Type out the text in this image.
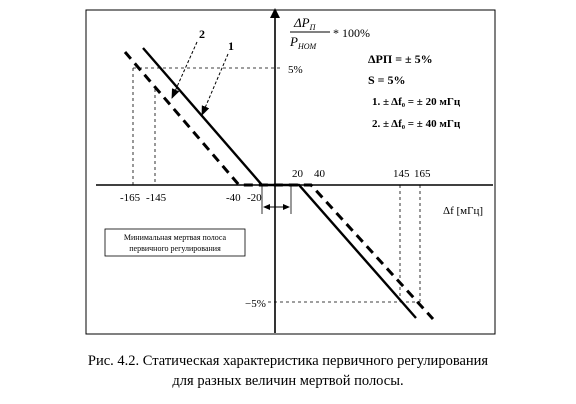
2
1
Минимальная мертвая полоса
первичного регулирования
$\Delta P_П$
$P_{НОМ}$
* 100%
Δf [мГц]
5%
−5%
-165 -145	-40 -20
20 40	145 165
ΔPП = ± 5%
S = 5%
1. ± Δf₀ = ± 20 мГц
2. ± Δf₀ = ± 40 мГц
Рис. 4.2. Статическая характеристика первичного регулирования
для разных величин мертвой полосы.
